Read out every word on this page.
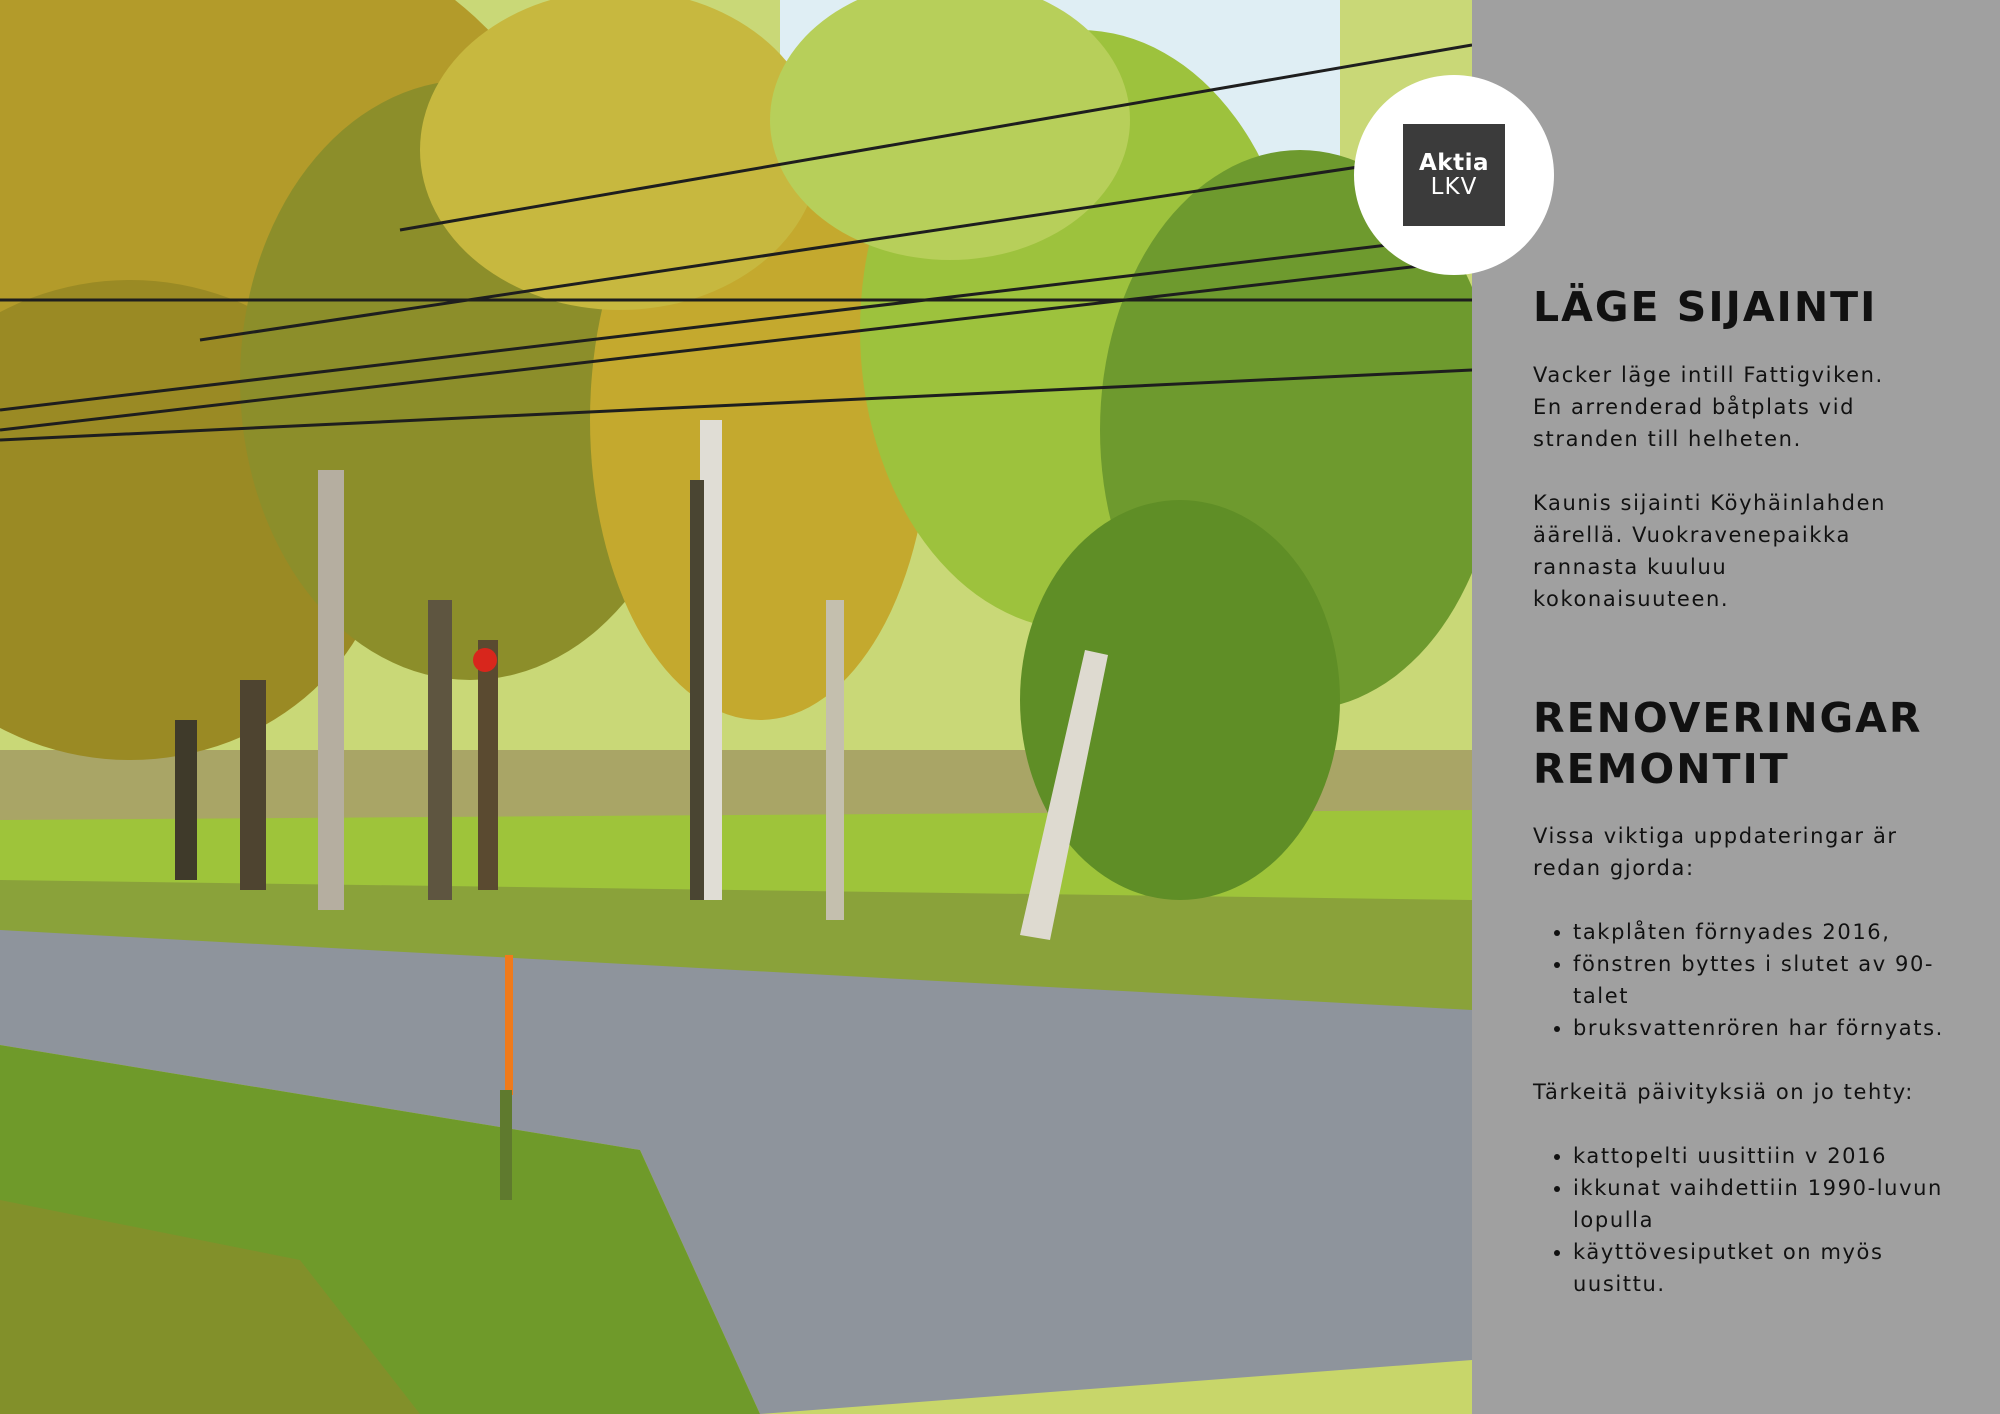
Aktia
LKV
LÄGE SIJAINTI

Vacker läge intill Fattigviken.
En arrenderad båtplats vid
stranden till helheten.

Kaunis sijainti Köyhäinlahden
äärellä. Vuokravenepaikka
rannasta kuuluu
kokonaisuuteen.

RENOVERINGAR
REMONTIT

Vissa viktiga uppdateringar är
redan gjorda:

• takplåten förnyades 2016,
• fönstren byttes i slutet av 90-talet
• bruksvattenrören har förnyats.

Tärkeitä päivityksiä on jo tehty:

• kattopelti uusittiin v 2016
• ikkunat vaihdettiin 1990-luvun lopulla
• käyttövesiputket on myös uusittu.
